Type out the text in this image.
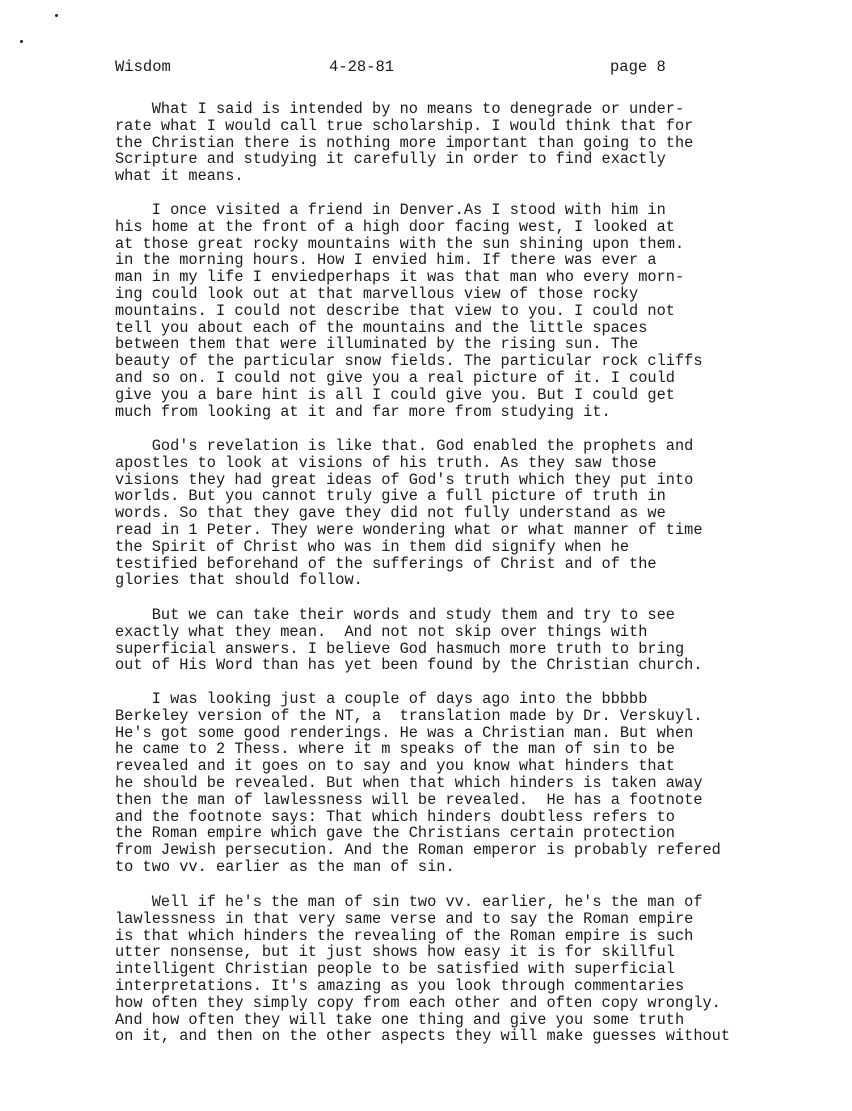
Wisdom	4-28-81	page 8
What I said is intended by no means to denegrade or under-
rate what I would call true scholarship. I would think that for
the Christian there is nothing more important than going to the
Scripture and studying it carefully in order to find exactly
what it means.
I once visited a friend in Denver.As I stood with him in
his home at the front of a high door facing west, I looked at
at those great rocky mountains with the sun shining upon them.
in the morning hours. How I envied him. If there was ever a
man in my life I enviedperhaps it was that man who every morn-
ing could look out at that marvellous view of those rocky
mountains. I could not describe that view to you. I could not
tell you about each of the mountains and the little spaces
between them that were illuminated by the rising sun. The
beauty of the particular snow fields. The particular rock cliffs
and so on. I could not give you a real picture of it. I could
give you a bare hint is all I could give you. But I could get
much from looking at it and far more from studying it.
God's revelation is like that. God enabled the prophets and
apostles to look at visions of his truth. As they saw those
visions they had great ideas of God's truth which they put into
worlds. But you cannot truly give a full picture of truth in
words. So that they gave they did not fully understand as we
read in 1 Peter. They were wondering what or what manner of time
the Spirit of Christ who was in them did signify when he
testified beforehand of the sufferings of Christ and of the
glories that should follow.
But we can take their words and study them and try to see
exactly what they mean.  And not not skip over things with
superficial answers. I believe God hasmuch more truth to bring
out of His Word than has yet been found by the Christian church.
I was looking just a couple of days ago into the bbbbb
Berkeley version of the NT, a  translation made by Dr. Verskuyl.
He's got some good renderings. He was a Christian man. But when
he came to 2 Thess. where it m speaks of the man of sin to be
revealed and it goes on to say and you know what hinders that
he should be revealed. But when that which hinders is taken away
then the man of lawlessness will be revealed.  He has a footnote
and the footnote says: That which hinders doubtless refers to
the Roman empire which gave the Christians certain protection
from Jewish persecution. And the Roman emperor is probably refered
to two vv. earlier as the man of sin.
Well if he's the man of sin two vv. earlier, he's the man of
lawlessness in that very same verse and to say the Roman empire
is that which hinders the revealing of the Roman empire is such
utter nonsense, but it just shows how easy it is for skillful
intelligent Christian people to be satisfied with superficial
interpretations. It's amazing as you look through commentaries
how often they simply copy from each other and often copy wrongly.
And how often they will take one thing and give you some truth
on it, and then on the other aspects they will make guesses without
